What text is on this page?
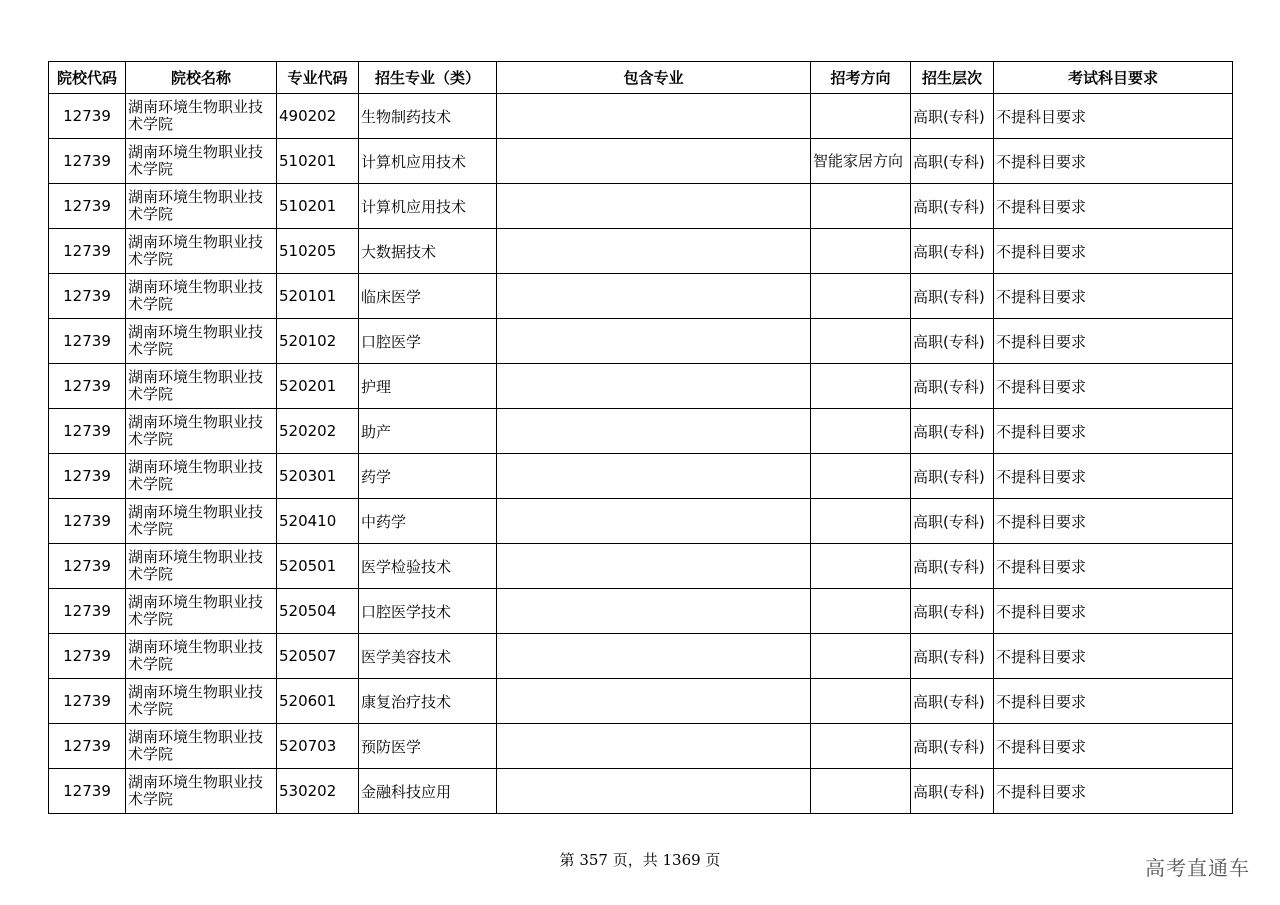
院校代码	院校名称	专业代码	招生专业（类）	包含专业	招考方向	招生层次	考试科目要求
12739	湖南环境生物职业技术学院	490202	生物制药技术			高职(专科)	不提科目要求
12739	湖南环境生物职业技术学院	510201	计算机应用技术		智能家居方向	高职(专科)	不提科目要求
12739	湖南环境生物职业技术学院	510201	计算机应用技术			高职(专科)	不提科目要求
12739	湖南环境生物职业技术学院	510205	大数据技术			高职(专科)	不提科目要求
12739	湖南环境生物职业技术学院	520101	临床医学			高职(专科)	不提科目要求
12739	湖南环境生物职业技术学院	520102	口腔医学			高职(专科)	不提科目要求
12739	湖南环境生物职业技术学院	520201	护理			高职(专科)	不提科目要求
12739	湖南环境生物职业技术学院	520202	助产			高职(专科)	不提科目要求
12739	湖南环境生物职业技术学院	520301	药学			高职(专科)	不提科目要求
12739	湖南环境生物职业技术学院	520410	中药学			高职(专科)	不提科目要求
12739	湖南环境生物职业技术学院	520501	医学检验技术			高职(专科)	不提科目要求
12739	湖南环境生物职业技术学院	520504	口腔医学技术			高职(专科)	不提科目要求
12739	湖南环境生物职业技术学院	520507	医学美容技术			高职(专科)	不提科目要求
12739	湖南环境生物职业技术学院	520601	康复治疗技术			高职(专科)	不提科目要求
12739	湖南环境生物职业技术学院	520703	预防医学			高职(专科)	不提科目要求
12739	湖南环境生物职业技术学院	530202	金融科技应用			高职(专科)	不提科目要求
第 357 页，共 1369 页	高考直通车
